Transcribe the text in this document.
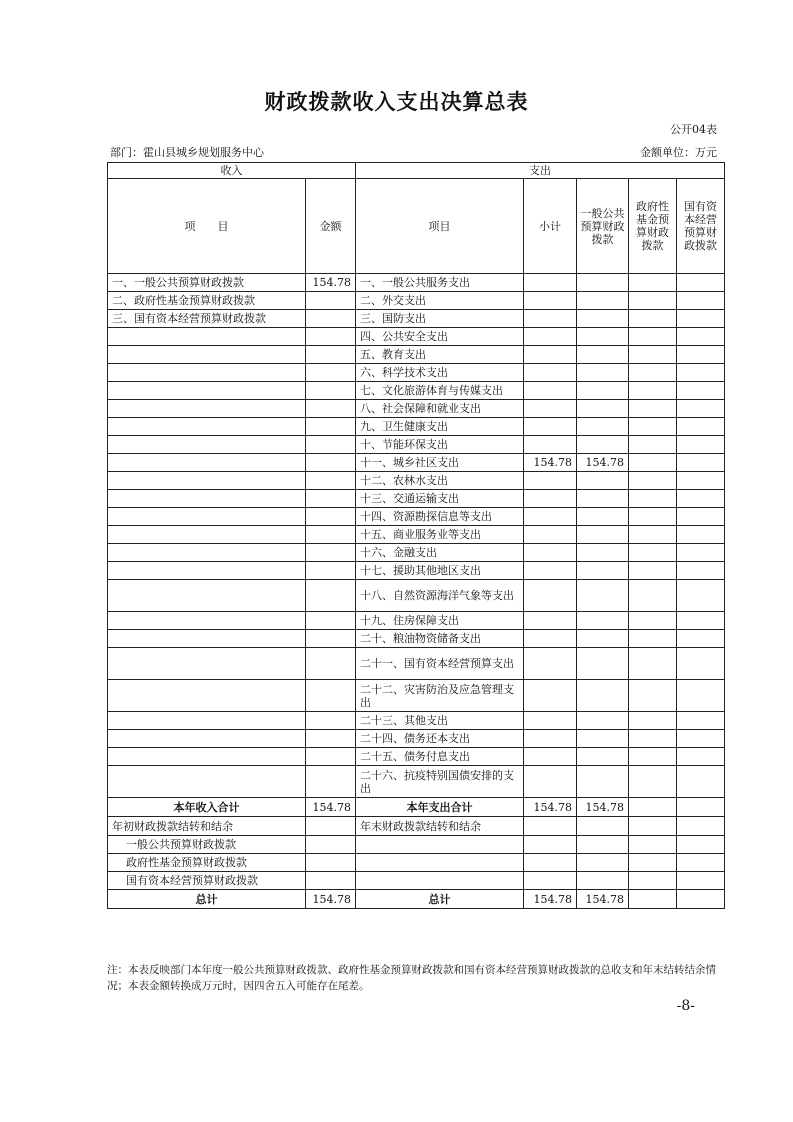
财政拨款收入支出决算总表
公开04表
部门：霍山县城乡规划服务中心	金额单位：万元
收入		支出				
项　　目	金额	项目	小计	一般公共预算财政拨款	政府性基金预算财政拨款	国有资本经营预算财政拨款
一、一般公共预算财政拨款	154.78	一、一般公共服务支出				
二、政府性基金预算财政拨款		二、外交支出				
三、国有资本经营预算财政拨款		三、国防支出				
		四、公共安全支出				
		五、教育支出				
		六、科学技术支出				
		七、文化旅游体育与传媒支出				
		八、社会保障和就业支出				
		九、卫生健康支出				
		十、节能环保支出				
		十一、城乡社区支出	154.78	154.78		
		十二、农林水支出				
		十三、交通运输支出				
		十四、资源勘探信息等支出				
		十五、商业服务业等支出				
		十六、金融支出				
		十七、援助其他地区支出				
		十八、自然资源海洋气象等支出				
		十九、住房保障支出				
		二十、粮油物资储备支出				
		二十一、国有资本经营预算支出				
		二十二、灾害防治及应急管理支出				
		二十三、其他支出				
		二十四、债务还本支出				
		二十五、债务付息支出				
		二十六、抗疫特别国债安排的支出				
本年收入合计	154.78	本年支出合计	154.78	154.78		
年初财政拨款结转和结余		年末财政拨款结转和结余				
一般公共预算财政拨款						
政府性基金预算财政拨款						
国有资本经营预算财政拨款						
总计	154.78	总计	154.78	154.78		
注：本表反映部门本年度一般公共预算财政拨款、政府性基金预算财政拨款和国有资本经营预算财政拨款的总收支和年末结转结余情况；本表金额转换成万元时，因四舍五入可能存在尾差。
-8-
